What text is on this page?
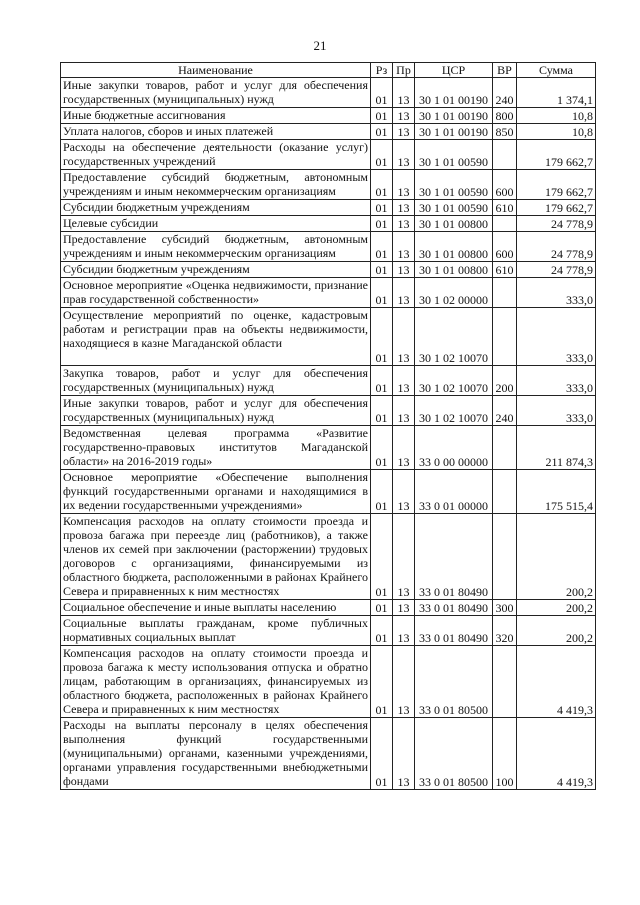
21
Наименование	Рз	Пр	ЦСР	ВР	Сумма
Иные закупки товаров, работ и услуг для обеспечения государственных (муниципальных) нужд	01	13	30 1 01 00190	240	1 374,1
Иные бюджетные ассигнования	01	13	30 1 01 00190	800	10,8
Уплата налогов, сборов и иных платежей	01	13	30 1 01 00190	850	10,8
Расходы на обеспечение деятельности (оказание услуг) государственных учреждений	01	13	30 1 01 00590		179 662,7
Предоставление субсидий бюджетным, автономным учреждениям и иным некоммерческим организациям	01	13	30 1 01 00590	600	179 662,7
Субсидии бюджетным учреждениям	01	13	30 1 01 00590	610	179 662,7
Целевые субсидии	01	13	30 1 01 00800		24 778,9
Предоставление субсидий бюджетным, автономным учреждениям и иным некоммерческим организациям	01	13	30 1 01 00800	600	24 778,9
Субсидии бюджетным учреждениям	01	13	30 1 01 00800	610	24 778,9
Основное мероприятие «Оценка недвижимости, признание прав государственной собственности»	01	13	30 1 02 00000		333,0
Осуществление мероприятий по оценке, кадастровым работам и регистрации прав на объекты недвижимости, находящиеся в казне Магаданской области	01	13	30 1 02 10070		333,0
Закупка товаров, работ и услуг для обеспечения государственных (муниципальных) нужд	01	13	30 1 02 10070	200	333,0
Иные закупки товаров, работ и услуг для обеспечения государственных (муниципальных) нужд	01	13	30 1 02 10070	240	333,0
Ведомственная целевая программа «Развитие государственно-правовых институтов Магаданской области» на 2016-2019 годы»	01	13	33 0 00 00000		211 874,3
Основное мероприятие «Обеспечение выполнения функций государственными органами и находящимися в их ведении государственными учреждениями»	01	13	33 0 01 00000		175 515,4
Компенсация расходов на оплату стоимости проезда и провоза багажа при переезде лиц (работников), а также членов их семей при заключении (расторжении) трудовых договоров с организациями, финансируемыми из областного бюджета, расположенными в районах Крайнего Севера и приравненных к ним местностях	01	13	33 0 01 80490		200,2
Социальное обеспечение и иные выплаты населению	01	13	33 0 01 80490	300	200,2
Социальные выплаты гражданам, кроме публичных нормативных социальных выплат	01	13	33 0 01 80490	320	200,2
Компенсация расходов на оплату стоимости проезда и провоза багажа к месту использования отпуска и обратно лицам, работающим в организациях, финансируемых из областного бюджета, расположенных в районах Крайнего Севера и приравненных к ним местностях	01	13	33 0 01 80500		4 419,3
Расходы на выплаты персоналу в целях обеспечения выполнения функций государственными (муниципальными) органами, казенными учреждениями, органами управления государственными внебюджетными фондами	01	13	33 0 01 80500	100	4 419,3
